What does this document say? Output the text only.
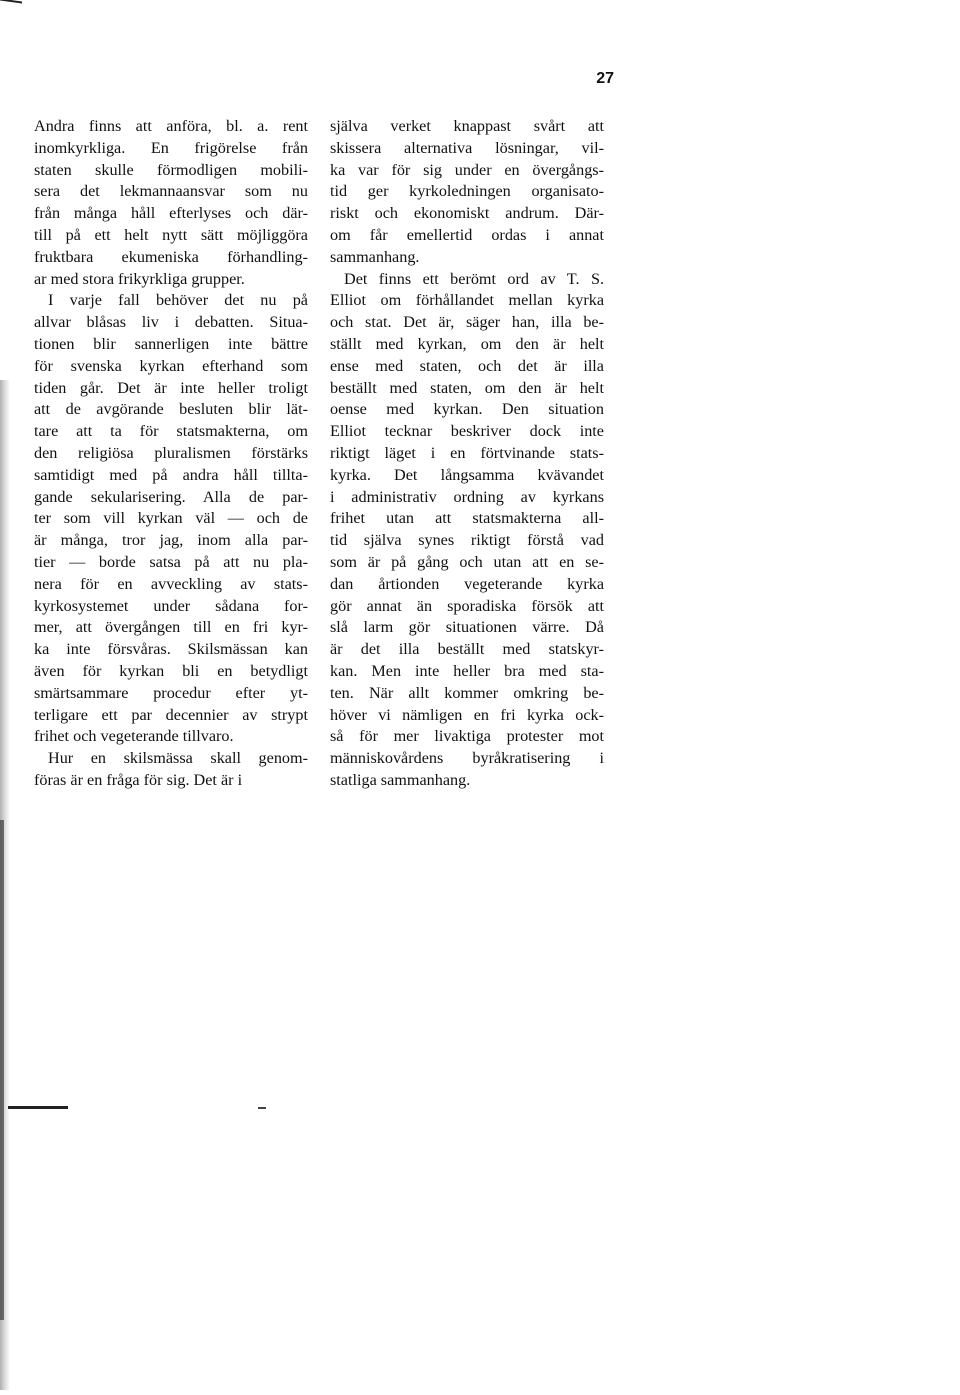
27
Andra finns att anföra, bl. a. rent
inomkyrkliga. En frigörelse från
staten skulle förmodligen mobili-
sera det lekmannaansvar som nu
från många håll efterlyses och där-
till på ett helt nytt sätt möjliggöra
fruktbara ekumeniska förhandling-
ar med stora frikyrkliga grupper.
I varje fall behöver det nu på
allvar blåsas liv i debatten. Situa-
tionen blir sannerligen inte bättre
för svenska kyrkan efterhand som
tiden går. Det är inte heller troligt
att de avgörande besluten blir lät-
tare att ta för statsmakterna, om
den religiösa pluralismen förstärks
samtidigt med på andra håll tillta-
gande sekularisering. Alla de par-
ter som vill kyrkan väl — och de
är många, tror jag, inom alla par-
tier — borde satsa på att nu pla-
nera för en avveckling av stats-
kyrkosystemet under sådana for-
mer, att övergången till en fri kyr-
ka inte försvåras. Skilsmässan kan
även för kyrkan bli en betydligt
smärtsammare procedur efter yt-
terligare ett par decennier av strypt
frihet och vegeterande tillvaro.
Hur en skilsmässa skall genom-
föras är en fråga för sig. Det är i
själva verket knappast svårt att
skissera alternativa lösningar, vil-
ka var för sig under en övergångs-
tid ger kyrkoledningen organisato-
riskt och ekonomiskt andrum. Där-
om får emellertid ordas i annat
sammanhang.
Det finns ett berömt ord av T. S.
Elliot om förhållandet mellan kyrka
och stat. Det är, säger han, illa be-
ställt med kyrkan, om den är helt
ense med staten, och det är illa
beställt med staten, om den är helt
oense med kyrkan. Den situation
Elliot tecknar beskriver dock inte
riktigt läget i en förtvinande stats-
kyrka. Det långsamma kvävandet
i administrativ ordning av kyrkans
frihet utan att statsmakterna all-
tid själva synes riktigt förstå vad
som är på gång och utan att en se-
dan årtionden vegeterande kyrka
gör annat än sporadiska försök att
slå larm gör situationen värre. Då
är det illa beställt med statskyr-
kan. Men inte heller bra med sta-
ten. När allt kommer omkring be-
höver vi nämligen en fri kyrka ock-
så för mer livaktiga protester mot
människovårdens byråkratisering i
statliga sammanhang.
